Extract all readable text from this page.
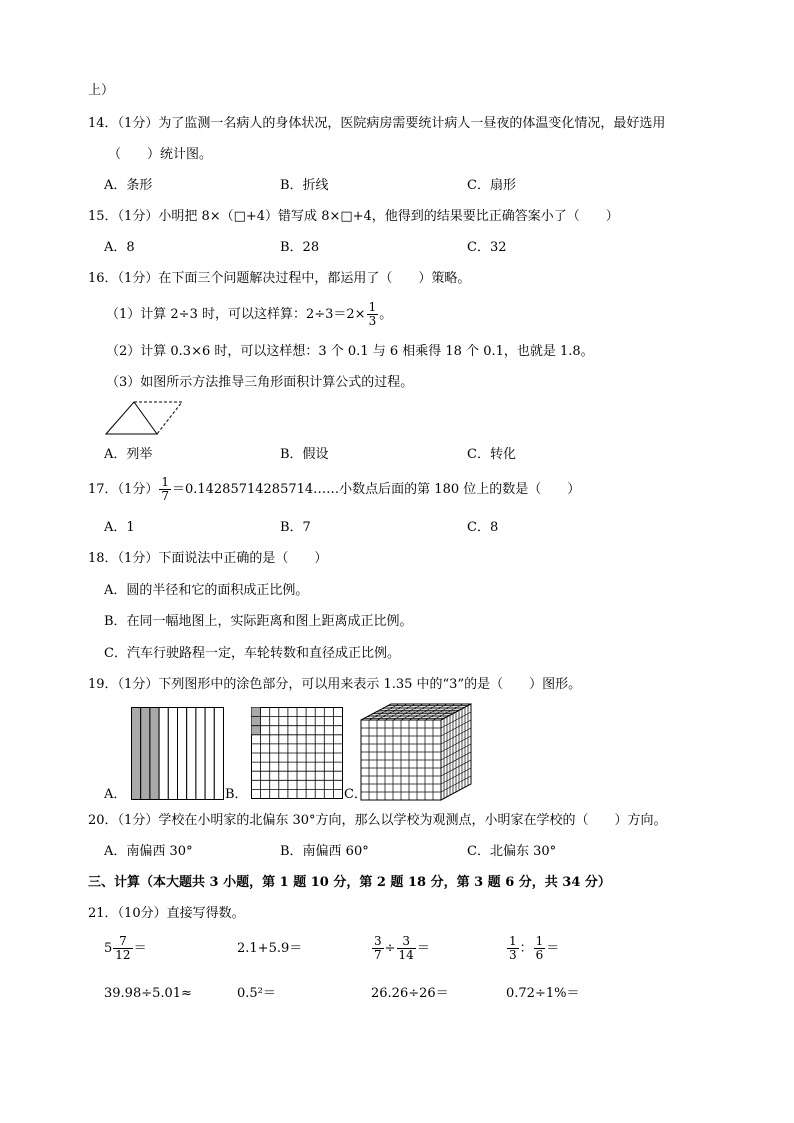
上）
14．（1分）为了监测一名病人的身体状况，医院病房需要统计病人一昼夜的体温变化情况，最好选用
（　　）统计图。
A．条形	B．折线	C．扇形
15．（1分）小明把 8×（□+4）错写成 8×□+4，他得到的结果要比正确答案小了（　　）
A．8	B．28	C．32
16．（1分）在下面三个问题解决过程中，都运用了（　　）策略。
（1）计算 2÷3 时，可以这样算：$2\div 3=2\times \frac{1}{3}$ 。
（2）计算 0.3×6 时，可以这样想：3 个 0.1 与 6 相乘得 18 个 0.1，也就是 1.8。
（3）如图所示方法推导三角形面积计算公式的过程。
A．列举	B．假设	C．转化
17．（1分） $\frac{1}{7}$ ＝0.14285714285714……小数点后面的第 180 位上的数是（　　）
A．1	B．7	C．8
18．（1分）下面说法中正确的是（　　）
A．圆的半径和它的面积成正比例。
B．在同一幅地图上，实际距离和图上距离成正比例。
C．汽车行驶路程一定，车轮转数和直径成正比例。
19．（1分）下列图形中的涂色部分，可以用来表示 1.35 中的“3”的是（　　）图形。
A．	B．	C．
20．（1分）学校在小明家的北偏东 30°方向，那么以学校为观测点，小明家在学校的（　　）方向。
A．南偏西 30°	B．南偏西 60°	C．北偏东 30°
三、计算（本大题共 3 小题，第 1 题 10 分，第 2 题 18 分，第 3 题 6 分，共 34 分）
21．（10分）直接写得数。
$5 \frac{7}{12}$ ＝	2.1+5.9＝	$\frac{3}{7} \div \frac{3}{14}$ ＝	$\frac{1}{3}$ ： $\frac{1}{6}$ ＝
39.98÷5.01≈	0.5²＝	26.26÷26＝	0.72÷1%＝
